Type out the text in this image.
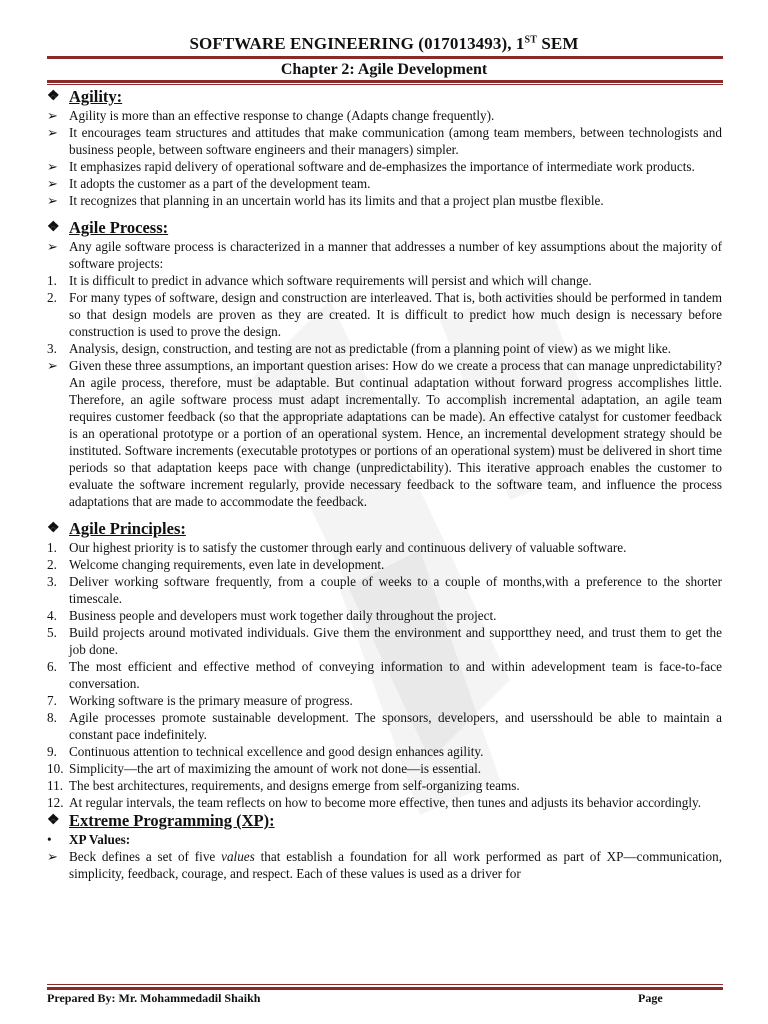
SOFTWARE ENGINEERING (017013493), 1ST SEM
Chapter 2: Agile Development
❖ Agility:
➢ Agility is more than an effective response to change (Adapts change frequently).
➢ It encourages team structures and attitudes that make communication (among team members, between technologists and business people, between software engineers and their managers) simpler.
➢ It emphasizes rapid delivery of operational software and de-emphasizes the importance of intermediate work products.
➢ It adopts the customer as a part of the development team.
➢ It recognizes that planning in an uncertain world has its limits and that a project plan mustbe flexible.
❖ Agile Process:
➢ Any agile software process is characterized in a manner that addresses a number of key assumptions about the majority of software projects:
1. It is difficult to predict in advance which software requirements will persist and which will change.
2. For many types of software, design and construction are interleaved. That is, both activities should be performed in tandem so that design models are proven as they are created. It is difficult to predict how much design is necessary before construction is used to prove the design.
3. Analysis, design, construction, and testing are not as predictable (from a planning point of view) as we might like.
➢ Given these three assumptions, an important question arises: How do we create a process that can manage unpredictability? An agile process, therefore, must be adaptable. But continual adaptation without forward progress accomplishes little. Therefore, an agile software process must adapt incrementally. To accomplish incremental adaptation, an agile team requires customer feedback (so that the appropriate adaptations can be made). An effective catalyst for customer feedback is an operational prototype or a portion of an operational system. Hence, an incremental development strategy should be instituted. Software increments (executable prototypes or portions of an operational system) must be delivered in short time periods so that adaptation keeps pace with change (unpredictability). This iterative approach enables the customer to evaluate the software increment regularly, provide necessary feedback to the software team, and influence the process adaptations that are made to accommodate the feedback.
❖ Agile Principles:
1. Our highest priority is to satisfy the customer through early and continuous delivery of valuable software.
2. Welcome changing requirements, even late in development.
3. Deliver working software frequently, from a couple of weeks to a couple of months,with a preference to the shorter timescale.
4. Business people and developers must work together daily throughout the project.
5. Build projects around motivated individuals. Give them the environment and supportthey need, and trust them to get the job done.
6. The most efficient and effective method of conveying information to and within adevelopment team is face-to-face conversation.
7. Working software is the primary measure of progress.
8. Agile processes promote sustainable development. The sponsors, developers, and usersshould be able to maintain a constant pace indefinitely.
9. Continuous attention to technical excellence and good design enhances agility.
10. Simplicity—the art of maximizing the amount of work not done—is essential.
11. The best architectures, requirements, and designs emerge from self-organizing teams.
12. At regular intervals, the team reflects on how to become more effective, then tunes and adjusts its behavior accordingly.
❖ Extreme Programming (XP):
•	XP Values:
➢ Beck defines a set of five values that establish a foundation for all work performed as part of XP—communication, simplicity, feedback, courage, and respect. Each of these values is used as a driver for
Prepared By: Mr. Mohammedadil Shaikh	Page
